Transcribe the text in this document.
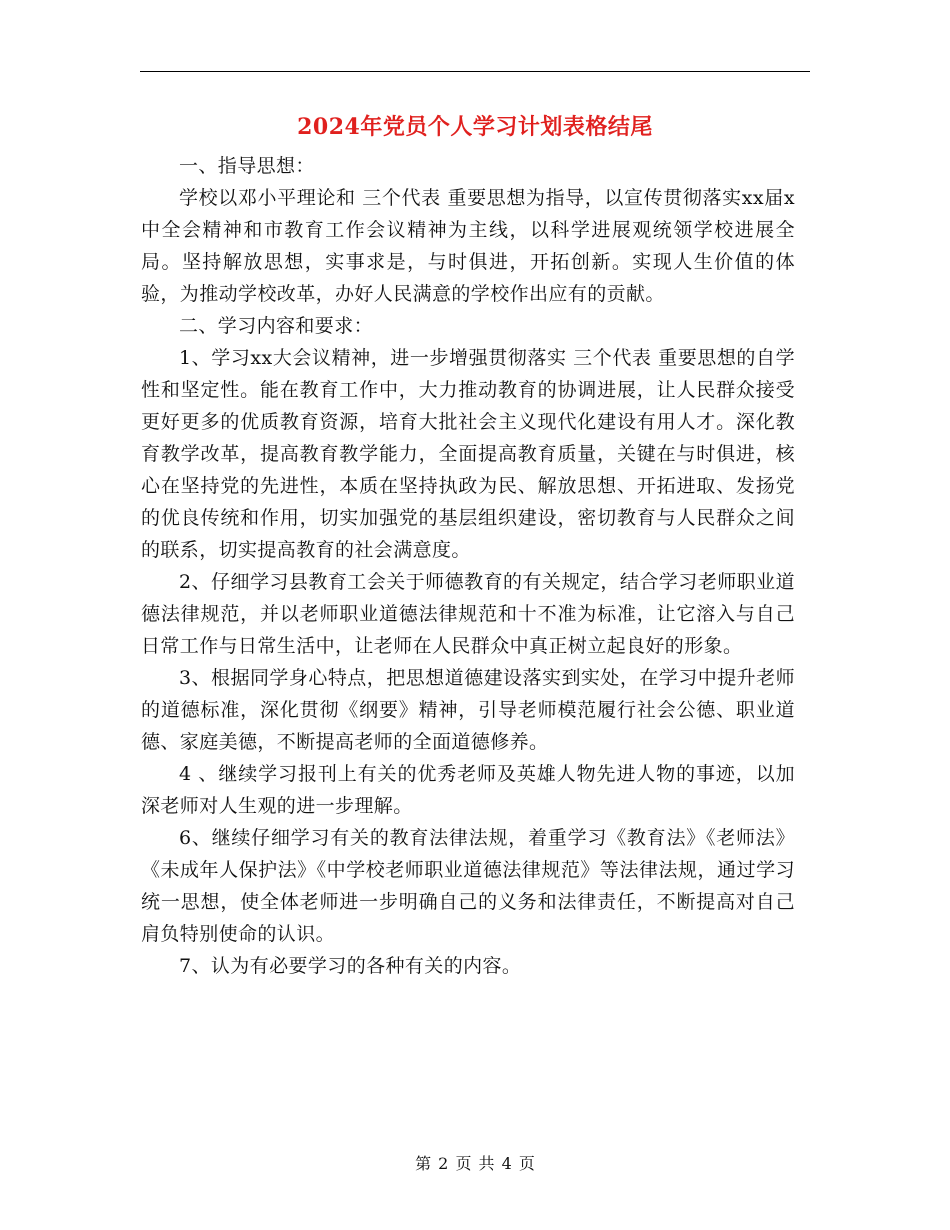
2024年党员个人学习计划表格结尾

一、指导思想：

学校以邓小平理论和 三个代表 重要思想为指导，以宣传贯彻落实xx届x中全会精神和市教育工作会议精神为主线，以科学进展观统领学校进展全局。坚持解放思想，实事求是，与时俱进，开拓创新。实现人生价值的体验，为推动学校改革，办好人民满意的学校作出应有的贡献。

二、学习内容和要求：

1、学习xx大会议精神，进一步增强贯彻落实 三个代表 重要思想的自学性和坚定性。能在教育工作中，大力推动教育的协调进展，让人民群众接受更好更多的优质教育资源，培育大批社会主义现代化建设有用人才。深化教育教学改革，提高教育教学能力，全面提高教育质量，关键在与时俱进，核心在坚持党的先进性，本质在坚持执政为民、解放思想、开拓进取、发扬党的优良传统和作用，切实加强党的基层组织建设，密切教育与人民群众之间的联系，切实提高教育的社会满意度。

2、仔细学习县教育工会关于师德教育的有关规定，结合学习老师职业道德法律规范，并以老师职业道德法律规范和十不准为标准，让它溶入与自己日常工作与日常生活中，让老师在人民群众中真正树立起良好的形象。

3、根据同学身心特点，把思想道德建设落实到实处，在学习中提升老师的道德标准，深化贯彻《纲要》精神，引导老师模范履行社会公德、职业道德、家庭美德，不断提高老师的全面道德修养。

4 、继续学习报刊上有关的优秀老师及英雄人物先进人物的事迹，以加深老师对人生观的进一步理解。

6、继续仔细学习有关的教育法律法规，着重学习《教育法》《老师法》《未成年人保护法》《中学校老师职业道德法律规范》等法律法规，通过学习统一思想，使全体老师进一步明确自己的义务和法律责任，不断提高对自己肩负特别使命的认识。

7、认为有必要学习的各种有关的内容。

第 2 页 共 4 页
